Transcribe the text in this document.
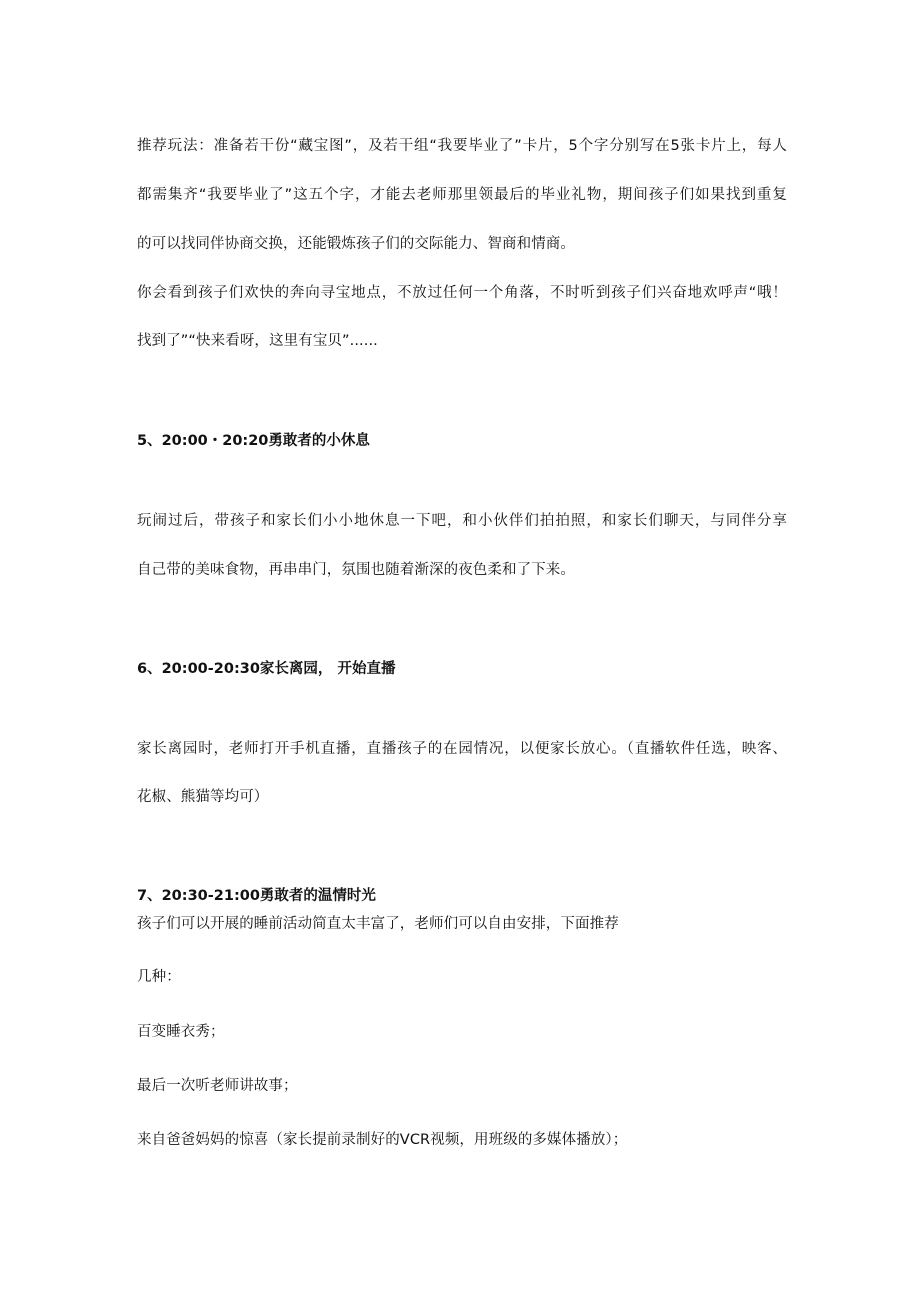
推荐玩法：准备若干份“藏宝图”，及若干组“我要毕业了”卡片，5个字分别写在5张卡片上，每人
都需集齐“我要毕业了”这五个字，才能去老师那里领最后的毕业礼物，期间孩子们如果找到重复
的可以找同伴协商交换，还能锻炼孩子们的交际能力、智商和情商。
你会看到孩子们欢快的奔向寻宝地点，不放过任何一个角落，不时听到孩子们兴奋地欢呼声“哦！
找到了”“快来看呀，这里有宝贝”......
5、20:00・20:20勇敢者的小休息
玩闹过后，带孩子和家长们小小地休息一下吧，和小伙伴们拍拍照，和家长们聊天，与同伴分享
自己带的美味食物，再串串门，氛围也随着渐深的夜色柔和了下来。
6、20:00-20:30家长离园， 开始直播
家长离园时，老师打开手机直播，直播孩子的在园情况，以便家长放心。（直播软件任选，映客、
花椒、熊猫等均可）
7、20:30-21:00勇敢者的温情时光
孩子们可以开展的睡前活动简直太丰富了，老师们可以自由安排，下面推荐
几种：
百变睡衣秀；
最后一次听老师讲故事；
来自爸爸妈妈的惊喜（家长提前录制好的VCR视频，用班级的多媒体播放）；
